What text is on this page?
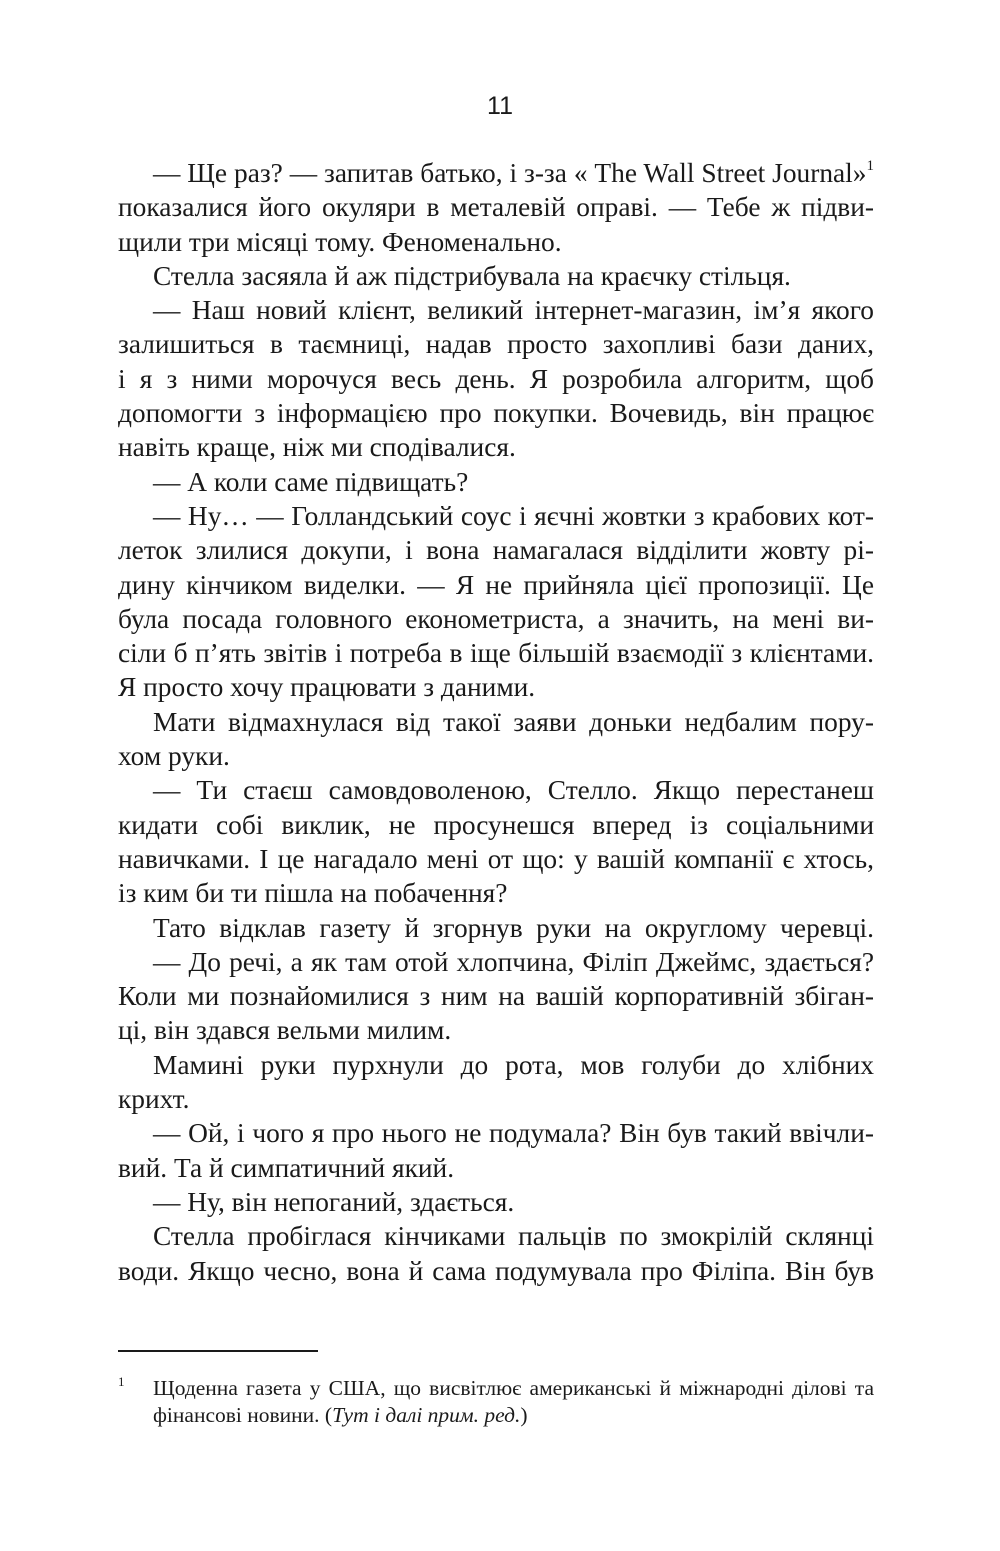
11
— Ще раз? — запитав батько, і з-за « The Wall Street Journal»$^1$
показалися його окуляри в металевій оправі. — Тебе ж підви-
щили три місяці тому. Феноменально.
Стелла засяяла й аж підстрибувала на краєчку стільця.
— Наш новий клієнт, великий інтернет-магазин, ім’я якого
залишиться в таємниці, надав просто захопливі бази даних,
і я з ними морочуся весь день. Я розробила алгоритм, щоб
допомогти з інформацією про покупки. Вочевидь, він працює
навіть краще, ніж ми сподівалися.
— А коли саме підвищать?
— Ну… — Голландський соус і яєчні жовтки з крабових кот-
леток злилися докупи, і вона намагалася відділити жовту рі-
дину кінчиком виделки. — Я не прийняла цієї пропозиції. Це
була посада головного економетриста, а значить, на мені ви-
сіли б п’ять звітів і потреба в іще більшій взаємодії з клієнтами.
Я просто хочу працювати з даними.
Мати відмахнулася від такої заяви доньки недбалим пору-
хом руки.
— Ти стаєш самовдоволеною, Стелло. Якщо перестанеш
кидати собі виклик, не просунешся вперед із соціальними
навичками. І це нагадало мені от що: у вашій компанії є хтось,
із ким би ти пішла на побачення?
Тато відклав газету й згорнув руки на округлому черевці.
— До речі, а як там отой хлопчина, Філіп Джеймс, здається?
Коли ми познайомилися з ним на вашій корпоративній збіган-
ці, він здався вельми милим.
Мамині руки пурхнули до рота, мов голуби до хлібних
крихт.
— Ой, і чого я про нього не подумала? Він був такий ввічли-
вий. Та й симпатичний який.
— Ну, він непоганий, здається.
Стелла пробіглася кінчиками пальців по змокрілій склянці
води. Якщо чесно, вона й сама подумувала про Філіпа. Він був
1 Щоденна газета у США, що висвітлює американські й міжнародні ділові та
фінансові новини. (Тут і далі прим. ред.)
